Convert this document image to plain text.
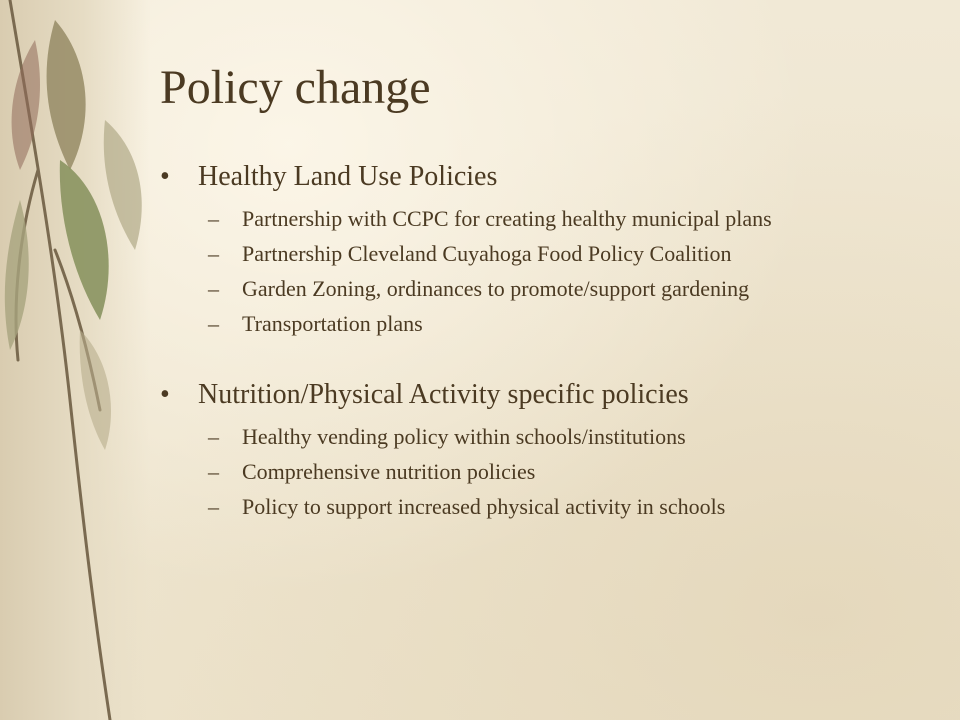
Policy change
• Healthy Land Use Policies
– Partnership with CCPC for creating healthy municipal plans
– Partnership Cleveland Cuyahoga Food Policy Coalition
– Garden Zoning, ordinances to promote/support gardening
– Transportation plans
• Nutrition/Physical Activity specific policies
– Healthy vending policy within schools/institutions
– Comprehensive nutrition policies
– Policy to support increased physical activity in schools
